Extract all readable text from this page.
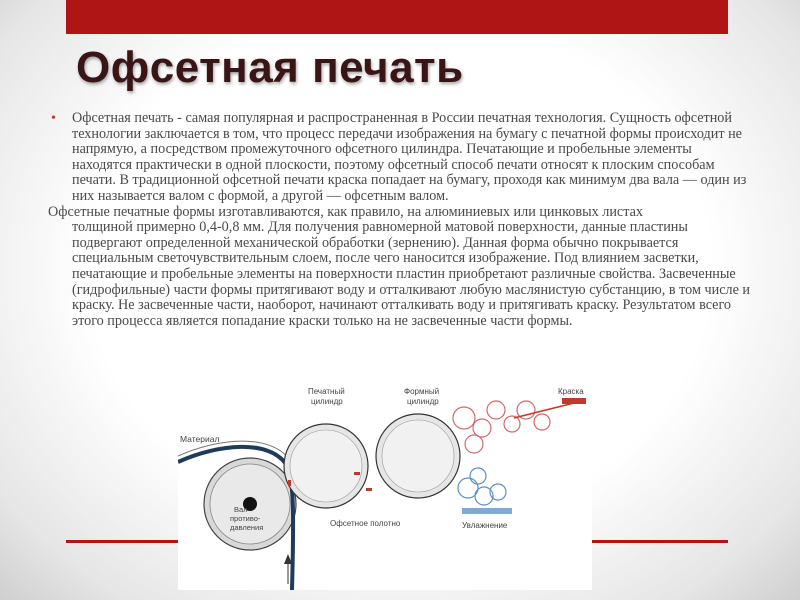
Офсетная печать

• Офсетная печать - самая популярная и распространенная в России печатная технология. Сущность офсетной технологии заключается в том, что процесс передачи изображения на бумагу с печатной формы происходит не напрямую, а посредством промежуточного офсетного цилиндра. Печатающие и пробельные элементы находятся практически в одной плоскости, поэтому офсетный способ печати относят к плоским способам печати. В традиционной офсетной печати краска попадает на бумагу, проходя как минимум два вала — один из них называется валом с формой, а другой — офсетным валом.

Офсетные печатные формы изготавливаются, как правило, на алюминиевых или цинковых листах
толщиной примерно 0,4-0,8 мм. Для получения равномерной матовой поверхности, данные пластины подвергают определенной механической обработки (зернению). Данная форма обычно покрывается специальным светочувствительным слоем, после чего наносится изображение. Под влиянием засветки, печатающие и пробельные элементы на поверхности пластин приобретают различные свойства. Засвеченные (гидрофильные) части формы притягивают воду и отталкивают любую маслянистую субстанцию, в том числе и краску. Не засвеченные части, наоборот, начинают отталкивать воду и притягивать краску. Результатом всего этого процесса является попадание краски только на не засвеченные части формы.

Материал
Печатный
цилиндр
Формный
цилиндр
Краска
Вал
противо-
давления	Офсетное полотно	Увлажнение
